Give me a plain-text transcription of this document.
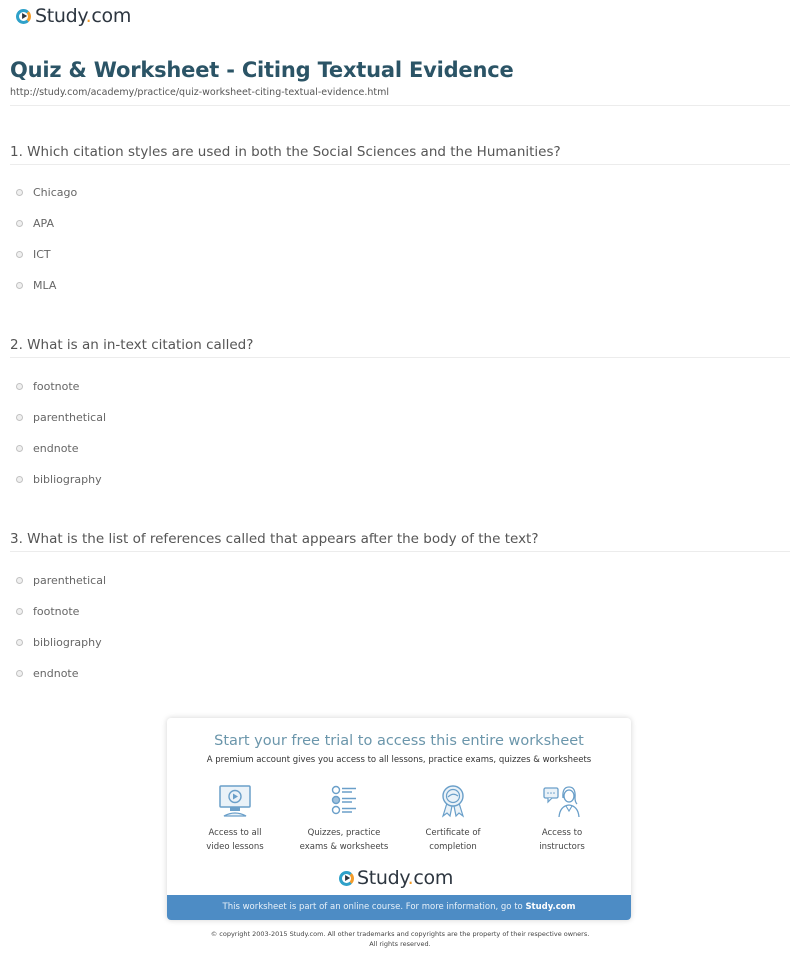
Study.com
Quiz & Worksheet - Citing Textual Evidence
http://study.com/academy/practice/quiz-worksheet-citing-textual-evidence.html
1. Which citation styles are used in both the Social Sciences and the Humanities?
Chicago
APA
ICT
MLA
2. What is an in-text citation called?
footnote
parenthetical
endnote
bibliography
3. What is the list of references called that appears after the body of the text?
parenthetical
footnote
bibliography
endnote
Start your free trial to access this entire worksheet
A premium account gives you access to all lessons, practice exams, quizzes & worksheets
Access to all
video lessons
Quizzes, practice
exams & worksheets
Certificate of
completion
Access to
instructors
Study.com
This worksheet is part of an online course. For more information, go to Study.com
© copyright 2003-2015 Study.com. All other trademarks and copyrights are the property of their respective owners.
All rights reserved.
